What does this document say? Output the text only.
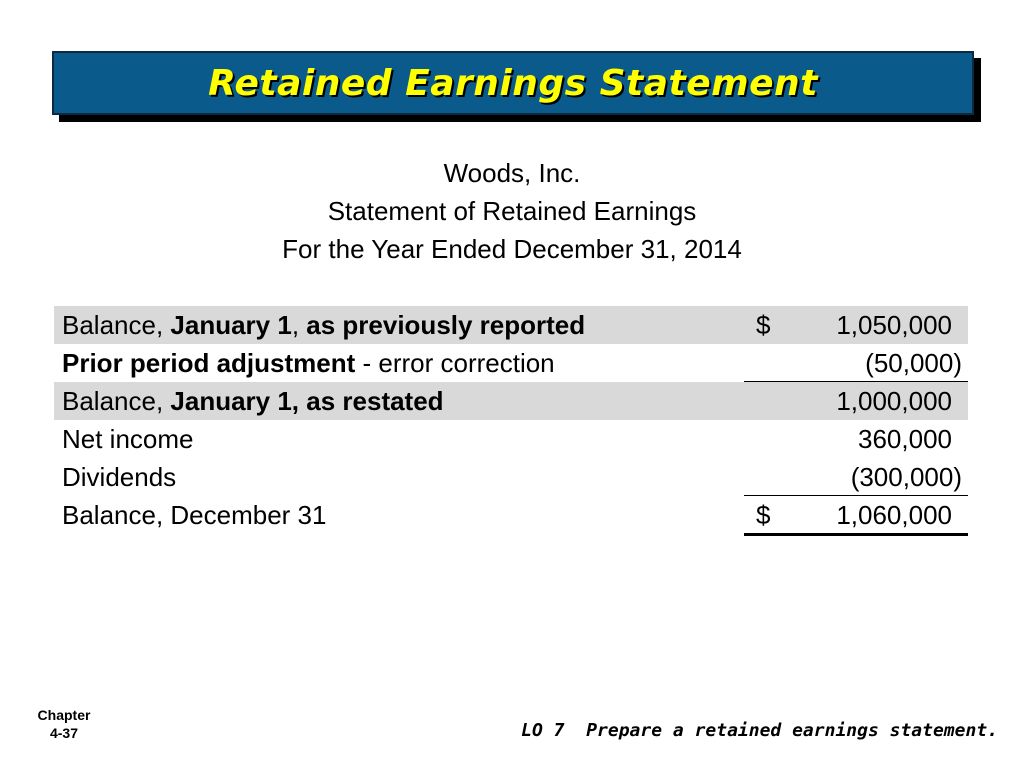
Retained Earnings Statement
Woods, Inc.
Statement of Retained Earnings
For the Year Ended December 31, 2014
Balance, January 1, as previously reported	$	1,050,000
Prior period adjustment - error correction	(50,000)
Balance, January 1, as restated	1,000,000
Net income	360,000
Dividends	(300,000)
Balance, December 31	$	1,060,000
Chapter
4-37	LO 7  Prepare a retained earnings statement.
